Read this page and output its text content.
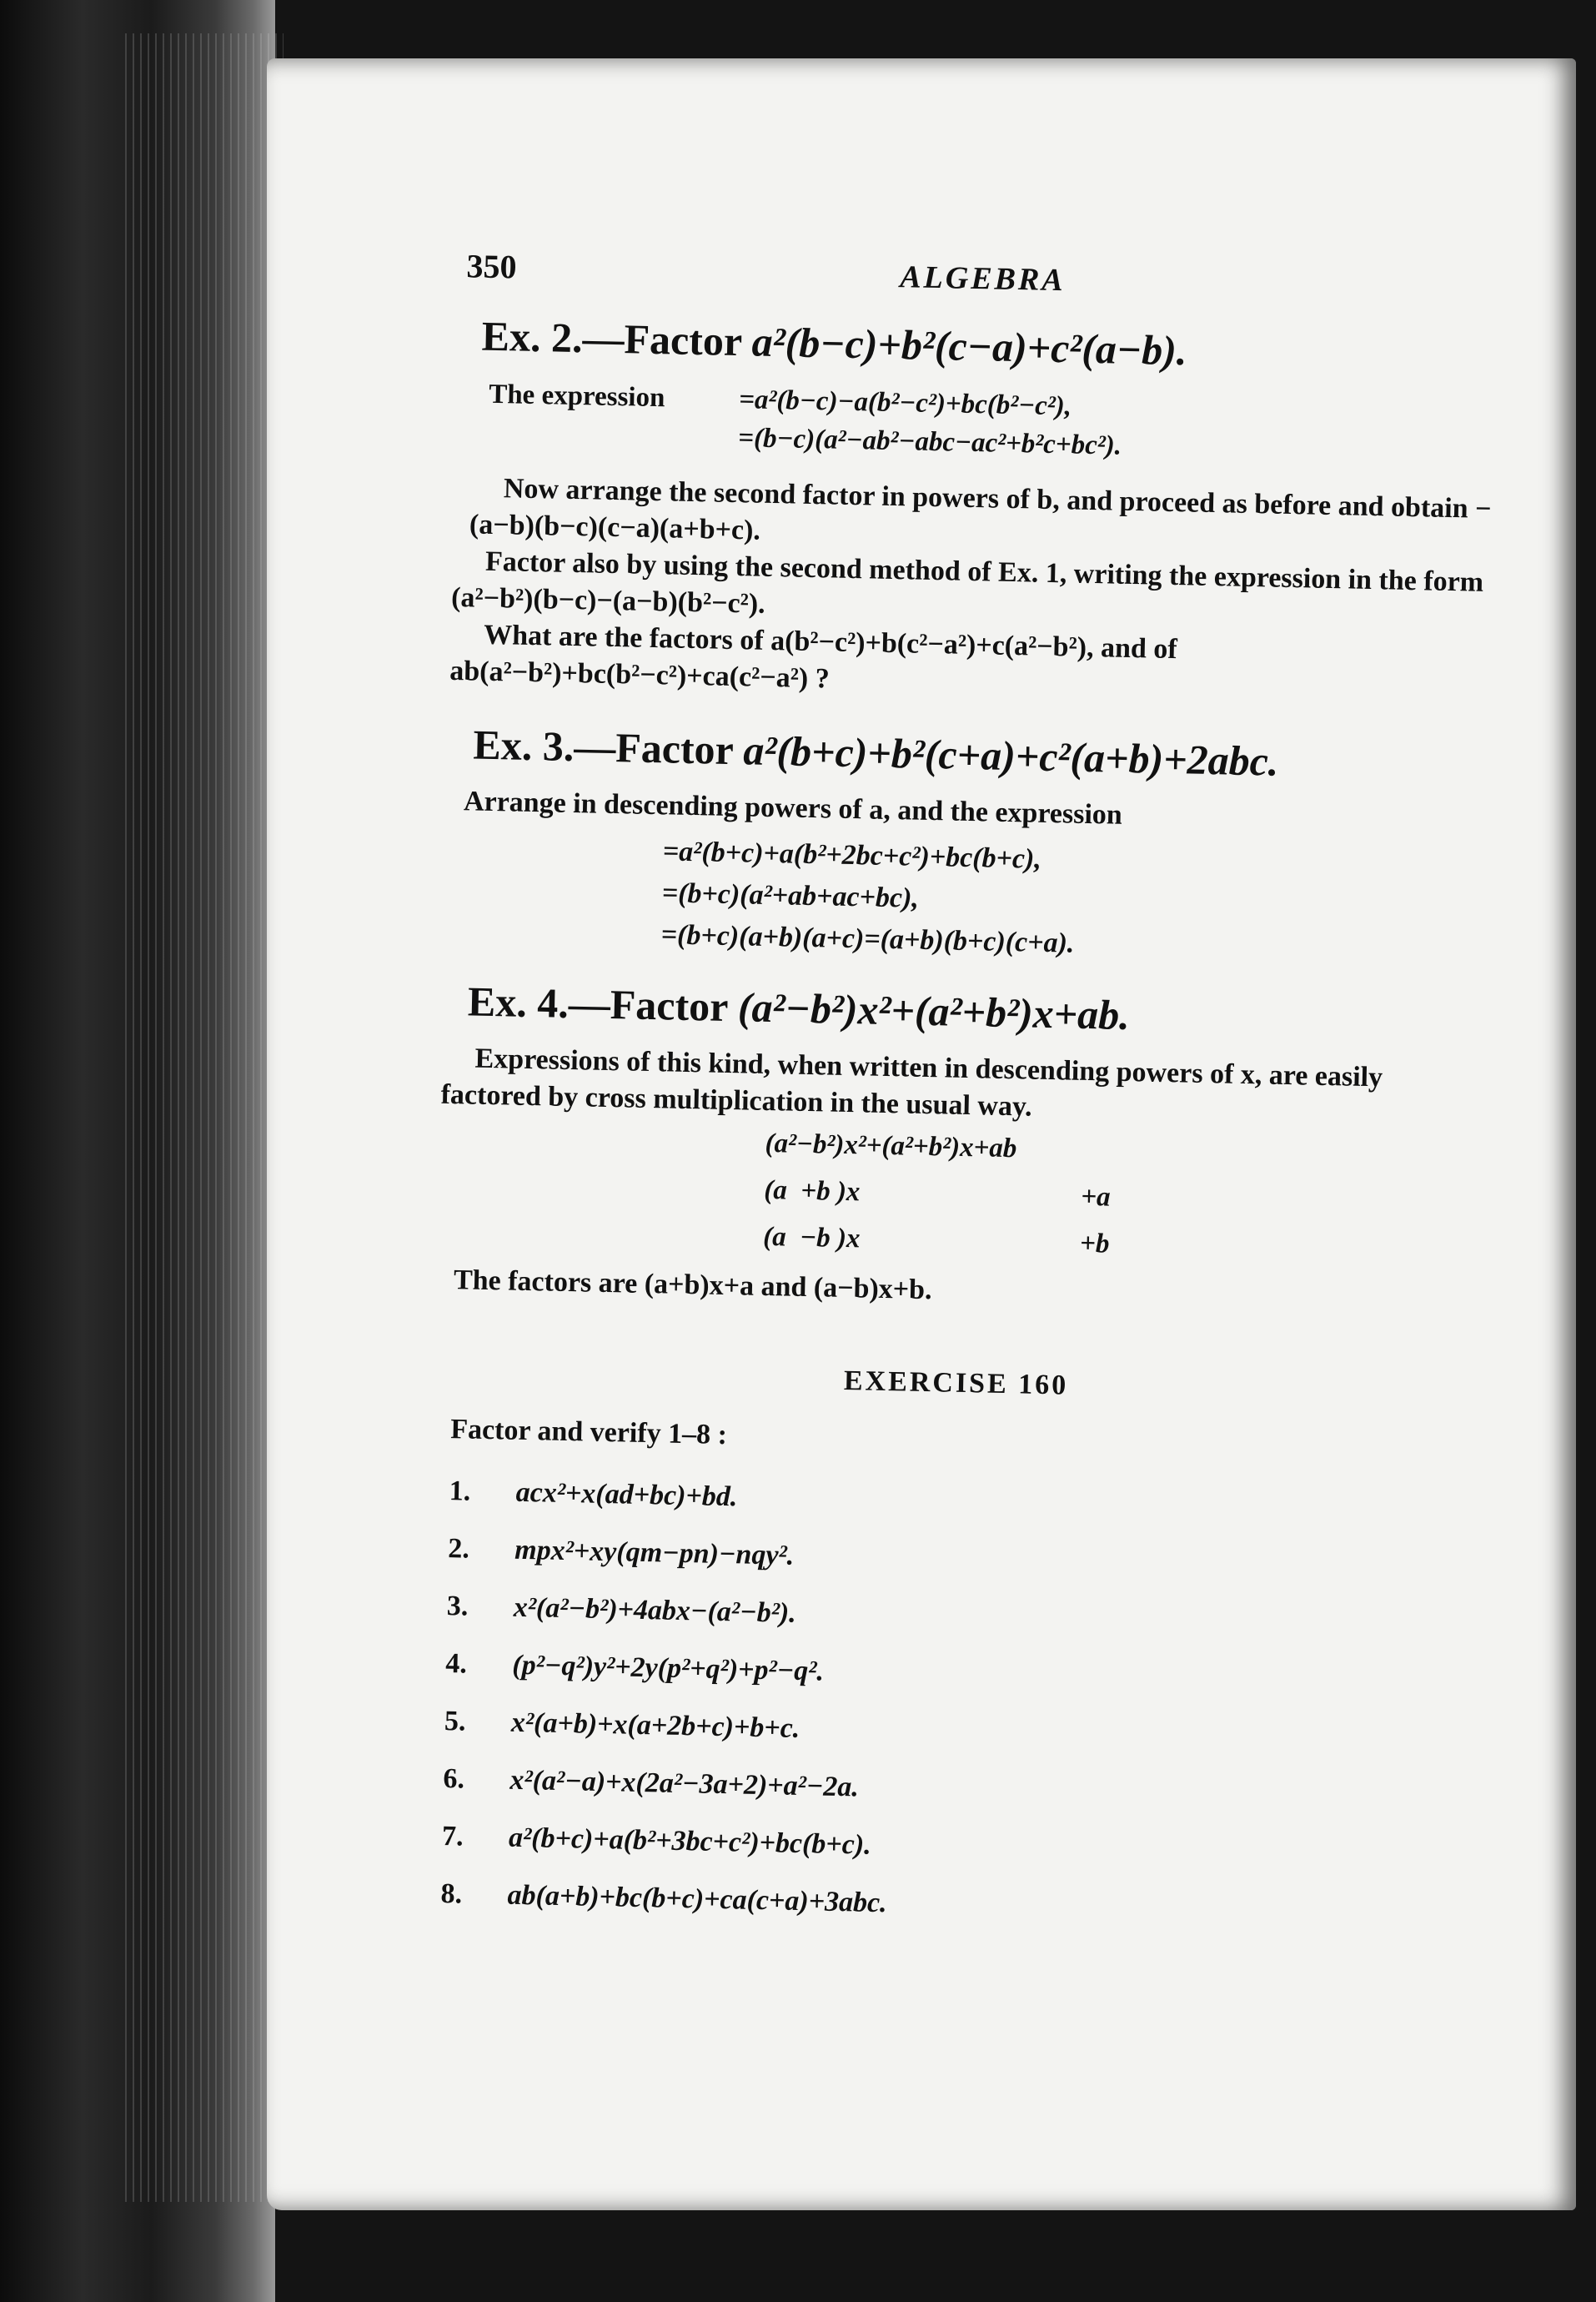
350	ALGEBRA
Ex. 2.—Factor a²(b−c)+b²(c−a)+c²(a−b).
The expression	=a²(b−c)−a(b²−c²)+bc(b²−c²),
=(b−c)(a²−ab²−abc−ac²+b²c+bc²).

Now arrange the second factor in powers of b, and proceed as before and obtain −(a−b)(b−c)(c−a)(a+b+c).

Factor also by using the second method of Ex. 1, writing the expression in the form (a²−b²)(b−c)−(a−b)(b²−c²).

What are the factors of a(b²−c²)+b(c²−a²)+c(a²−b²), and of ab(a²−b²)+bc(b²−c²)+ca(c²−a²) ?

Ex. 3.—Factor a²(b+c)+b²(c+a)+c²(a+b)+2abc.

Arrange in descending powers of a, and the expression

=a²(b+c)+a(b²+2bc+c²)+bc(b+c),
=(b+c)(a²+ab+ac+bc),
=(b+c)(a+b)(a+c)=(a+b)(b+c)(c+a).
Ex. 4.—Factor (a²−b²)x²+(a²+b²)x+ab.

Expressions of this kind, when written in descending powers of x, are easily factored by cross multiplication in the usual way.

(a²−b²)x²+(a²+b²)x+ab
(a  +b )x	+a
(a  −b )x	+b

The factors are (a+b)x+a and (a−b)x+b.

EXERCISE 160
Factor and verify 1–8 :
1.	acx²+x(ad+bc)+bd.
2.	mpx²+xy(qm−pn)−nqy².
3.	x²(a²−b²)+4abx−(a²−b²).
4.	(p²−q²)y²+2y(p²+q²)+p²−q².
5.	x²(a+b)+x(a+2b+c)+b+c.
6.	x²(a²−a)+x(2a²−3a+2)+a²−2a.
7.	a²(b+c)+a(b²+3bc+c²)+bc(b+c).
8.	ab(a+b)+bc(b+c)+ca(c+a)+3abc.
